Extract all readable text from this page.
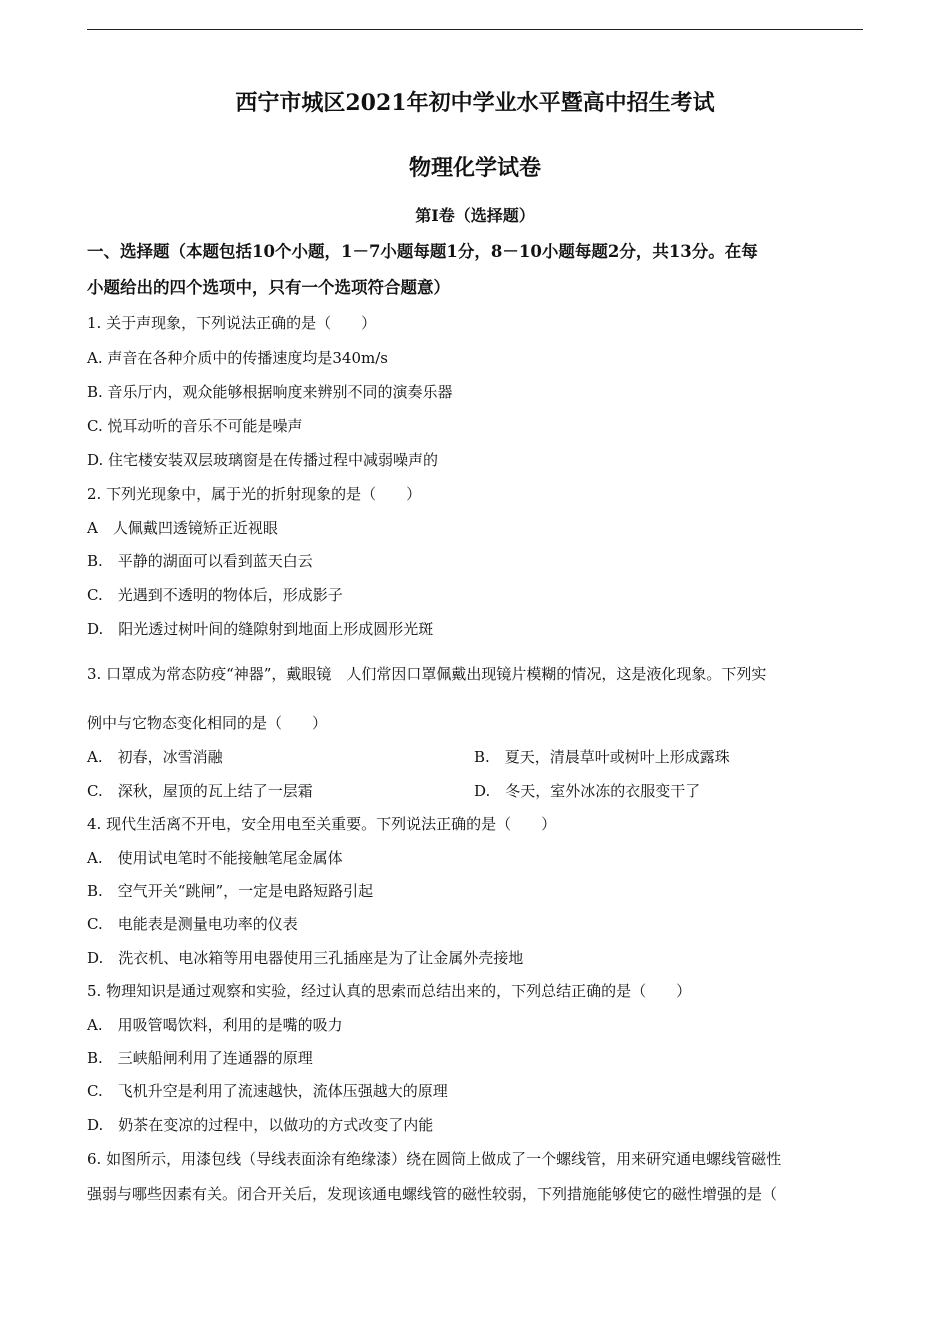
西宁市城区2021年初中学业水平暨高中招生考试
物理化学试卷
第Ⅰ卷（选择题）
一、选择题（本题包括10个小题，1－7小题每题1分，8－10小题每题2分，共13分。在每
小题给出的四个选项中，只有一个选项符合题意）
1. 关于声现象，下列说法正确的是（　　）
A. 声音在各种介质中的传播速度均是340m/s
B. 音乐厅内，观众能够根据响度来辨别不同的演奏乐器
C. 悦耳动听的音乐不可能是噪声
D. 住宅楼安装双层玻璃窗是在传播过程中减弱噪声的
2. 下列光现象中，属于光的折射现象的是（　　）
A　人佩戴凹透镜矫正近视眼
B.　平静的湖面可以看到蓝天白云
C.　光遇到不透明的物体后，形成影子
D.　阳光透过树叶间的缝隙射到地面上形成圆形光斑
3. 口罩成为常态防疫“神器”，戴眼镜　人们常因口罩佩戴出现镜片模糊的情况，这是液化现象。下列实
例中与它物态变化相同的是（　　）
A.　初春，冰雪消融	B.　夏天，清晨草叶或树叶上形成露珠
C.　深秋，屋顶的瓦上结了一层霜	D.　冬天，室外冰冻的衣服变干了
4. 现代生活离不开电，安全用电至关重要。下列说法正确的是（　　）
A.　使用试电笔时不能接触笔尾金属体
B.　空气开关“跳闸”，一定是电路短路引起
C.　电能表是测量电功率的仪表
D.　洗衣机、电冰箱等用电器使用三孔插座是为了让金属外壳接地
5. 物理知识是通过观察和实验，经过认真的思索而总结出来的，下列总结正确的是（　　）
A.　用吸管喝饮料，利用的是嘴的吸力
B.　三峡船闸利用了连通器的原理
C.　飞机升空是利用了流速越快，流体压强越大的原理
D.　奶茶在变凉的过程中，以做功的方式改变了内能
6. 如图所示，用漆包线（导线表面涂有绝缘漆）绕在圆筒上做成了一个螺线管，用来研究通电螺线管磁性
强弱与哪些因素有关。闭合开关后，发现该通电螺线管的磁性较弱，下列措施能够使它的磁性增强的是（
